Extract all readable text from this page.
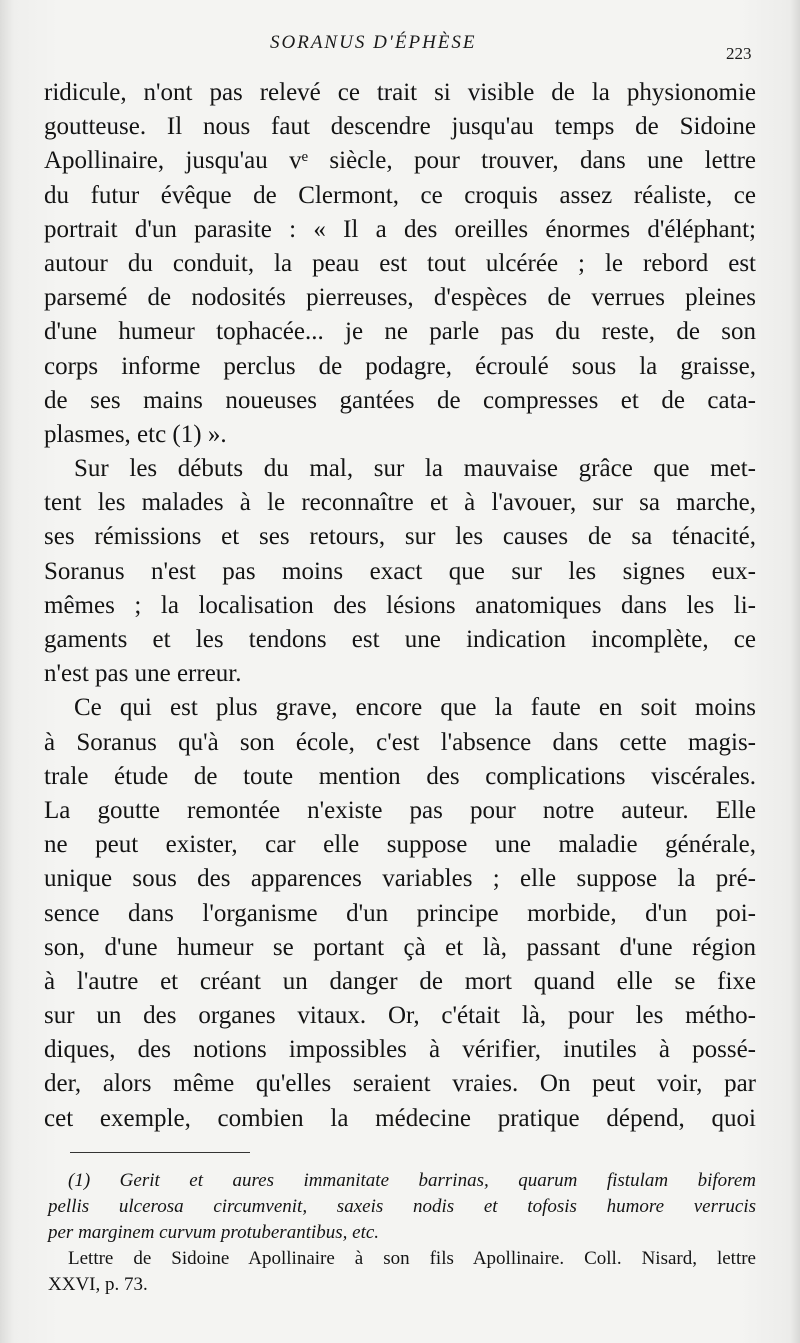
SORANUS D'ÉPHÈSE
223
ridicule, n'ont pas relevé ce trait si visible de la physionomie
goutteuse. Il nous faut descendre jusqu'au temps de Sidoine
Apollinaire, jusqu'au vᵉ siècle, pour trouver, dans une lettre
du futur évêque de Clermont, ce croquis assez réaliste, ce
portrait d'un parasite : « Il a des oreilles énormes d'éléphant;
autour du conduit, la peau est tout ulcérée ; le rebord est
parsemé de nodosités pierreuses, d'espèces de verrues pleines
d'une humeur tophacée... je ne parle pas du reste, de son
corps informe perclus de podagre, écroulé sous la graisse,
de ses mains noueuses gantées de compresses et de cata-
plasmes, etc (1) ».
Sur les débuts du mal, sur la mauvaise grâce que met-
tent les malades à le reconnaître et à l'avouer, sur sa marche,
ses rémissions et ses retours, sur les causes de sa ténacité,
Soranus n'est pas moins exact que sur les signes eux-
mêmes ; la localisation des lésions anatomiques dans les li-
gaments et les tendons est une indication incomplète, ce
n'est pas une erreur.
Ce qui est plus grave, encore que la faute en soit moins
à Soranus qu'à son école, c'est l'absence dans cette magis-
trale étude de toute mention des complications viscérales.
La goutte remontée n'existe pas pour notre auteur. Elle
ne peut exister, car elle suppose une maladie générale,
unique sous des apparences variables ; elle suppose la pré-
sence dans l'organisme d'un principe morbide, d'un poi-
son, d'une humeur se portant çà et là, passant d'une région
à l'autre et créant un danger de mort quand elle se fixe
sur un des organes vitaux. Or, c'était là, pour les métho-
diques, des notions impossibles à vérifier, inutiles à possé-
der, alors même qu'elles seraient vraies. On peut voir, par
cet exemple, combien la médecine pratique dépend, quoi
(1) Gerit et aures immanitate barrinas, quarum fistulam biforem
pellis ulcerosa circumvenit, saxeis nodis et tofosis humore verrucis
per marginem curvum protuberantibus, etc.
Lettre de Sidoine Apollinaire à son fils Apollinaire. Coll. Nisard, lettre
XXVI, p. 73.
